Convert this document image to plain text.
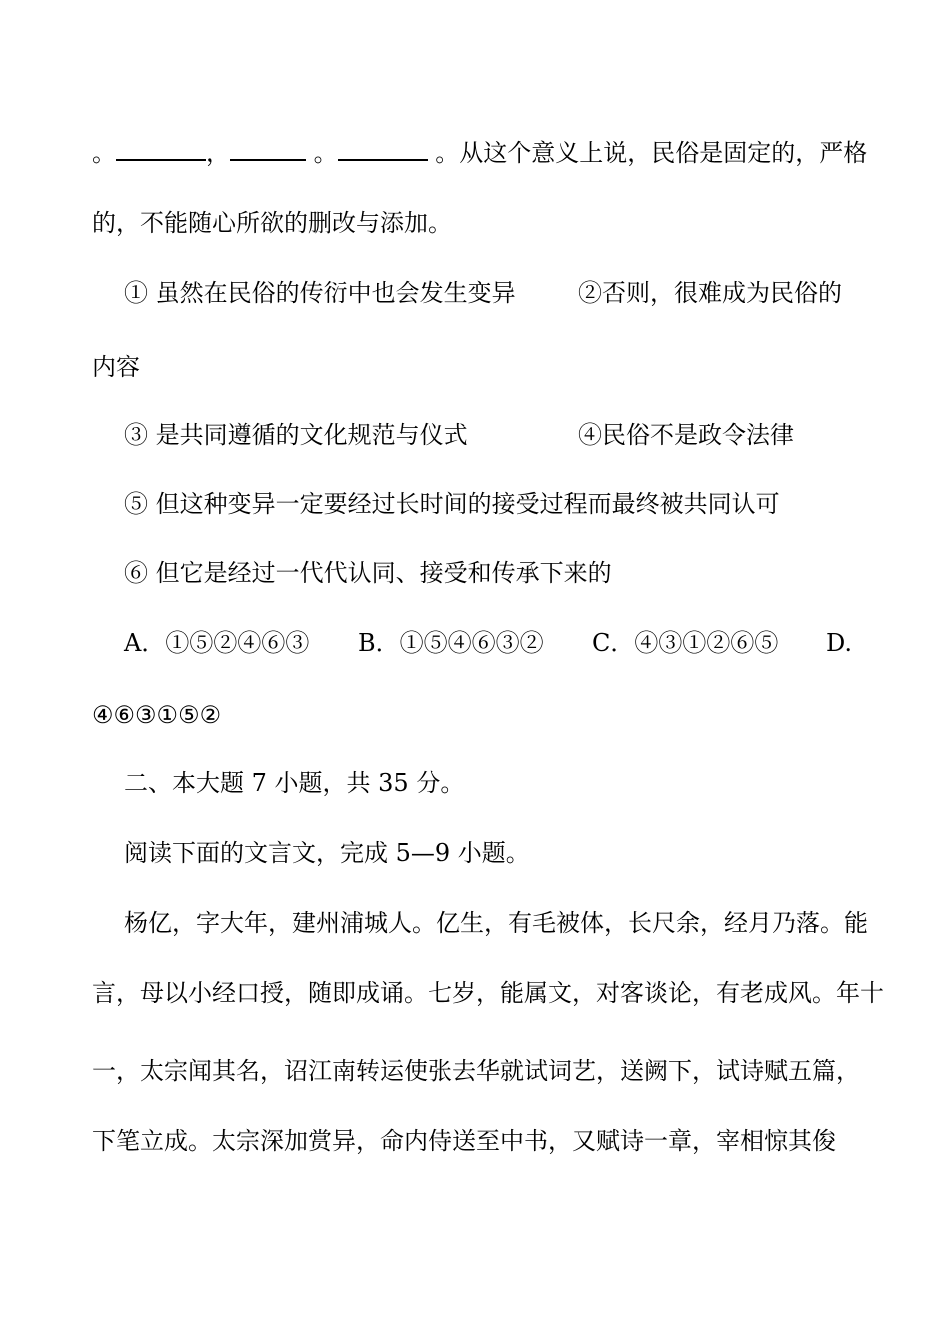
。	，	。	。从这个意义上说，民俗是固定的，严格
的，不能随心所欲的删改与添加。
① 虽然在民俗的传衍中也会发生变异	②否则，很难成为民俗的
内容
③ 是共同遵循的文化规范与仪式	④民俗不是政令法律
⑤ 但这种变异一定要经过长时间的接受过程而最终被共同认可
⑥ 但它是经过一代代认同、接受和传承下来的
A．①⑤②④⑥③ B．①⑤④⑥③② C．④③①②⑥⑤ D.
④⑥③①⑤②
二、本大题 7 小题，共 35 分。
阅读下面的文言文，完成 5—9 小题。
杨亿，字大年，建州浦城人。亿生，有毛被体，长尺余，经月乃落。能
言，母以小经口授，随即成诵。七岁，能属文，对客谈论，有老成风。年十
一，太宗闻其名，诏江南转运使张去华就试词艺，送阙下，试诗赋五篇，
下笔立成。太宗深加赏异，命内侍送至中书，又赋诗一章，宰相惊其俊
